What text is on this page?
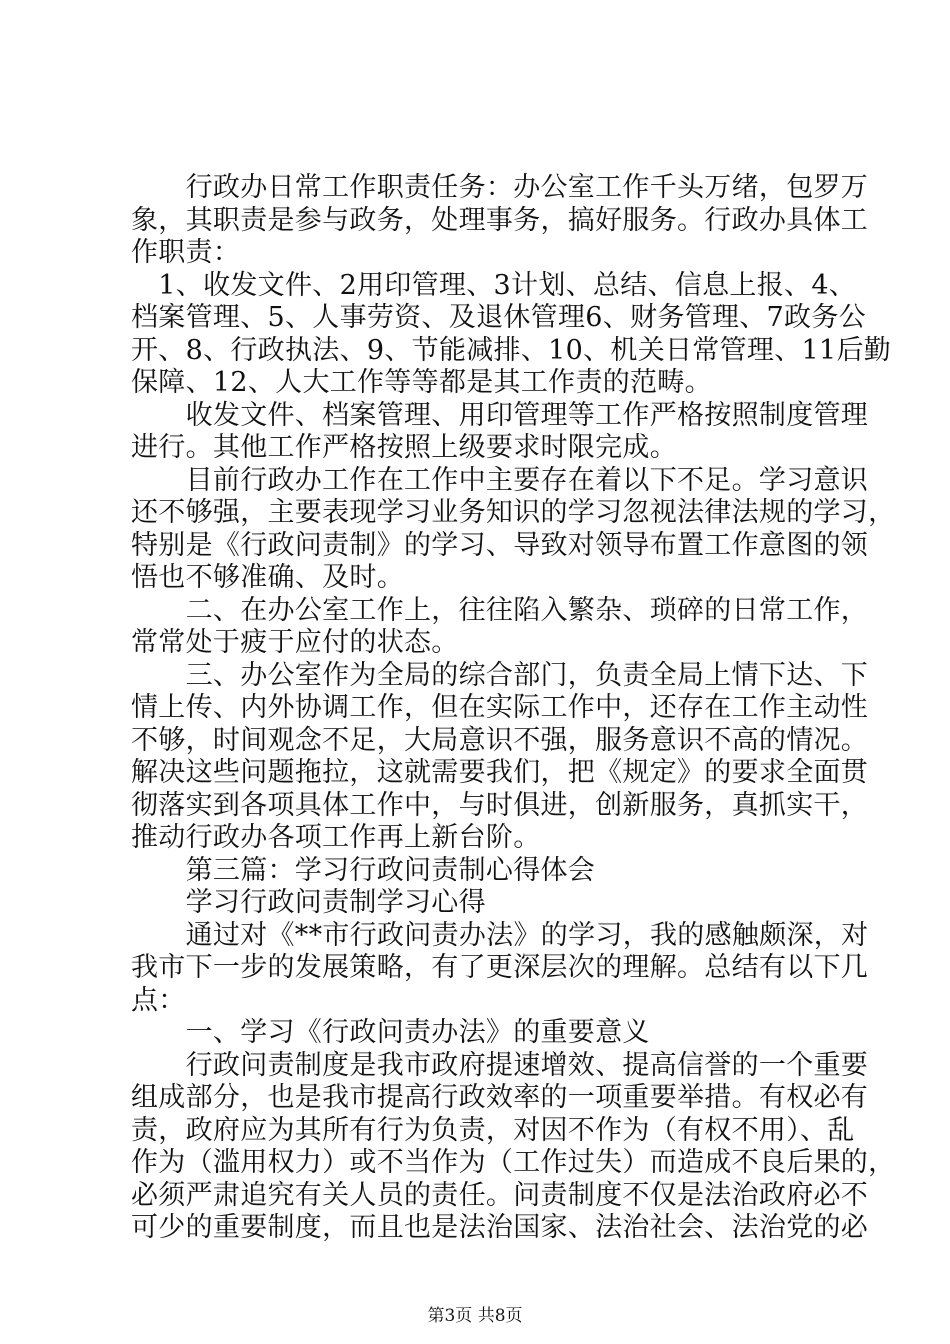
　　行政办日常工作职责任务：办公室工作千头万绪，包罗万
象，其职责是参与政务，处理事务，搞好服务。行政办具体工
作职责：
　1、收发文件、2用印管理、3计划、总结、信息上报、4、
档案管理、5、人事劳资、及退休管理6、财务管理、7政务公
开、8、行政执法、9、节能减排、10、机关日常管理、11后勤
保障、12、人大工作等等都是其工作责的范畴。
　　收发文件、档案管理、用印管理等工作严格按照制度管理
进行。其他工作严格按照上级要求时限完成。
　　目前行政办工作在工作中主要存在着以下不足。学习意识
还不够强，主要表现学习业务知识的学习忽视法律法规的学习，
特别是《行政问责制》的学习、导致对领导布置工作意图的领
悟也不够准确、及时。
　　二、在办公室工作上，往往陷入繁杂、琐碎的日常工作，
常常处于疲于应付的状态。
　　三、办公室作为全局的综合部门，负责全局上情下达、下
情上传、内外协调工作，但在实际工作中，还存在工作主动性
不够，时间观念不足，大局意识不强，服务意识不高的情况。
解决这些问题拖拉，这就需要我们，把《规定》的要求全面贯
彻落实到各项具体工作中，与时俱进，创新服务，真抓实干，
推动行政办各项工作再上新台阶。
　　第三篇：学习行政问责制心得体会
　　学习行政问责制学习心得
　　通过对《**市行政问责办法》的学习，我的感触颇深，对
我市下一步的发展策略，有了更深层次的理解。总结有以下几
点：
　　一、学习《行政问责办法》的重要意义
　　行政问责制度是我市政府提速增效、提高信誉的一个重要
组成部分，也是我市提高行政效率的一项重要举措。有权必有
责，政府应为其所有行为负责，对因不作为（有权不用）、乱
作为（滥用权力）或不当作为（工作过失）而造成不良后果的，
必须严肃追究有关人员的责任。问责制度不仅是法治政府必不
可少的重要制度，而且也是法治国家、法治社会、法治党的必
第3页 共8页
